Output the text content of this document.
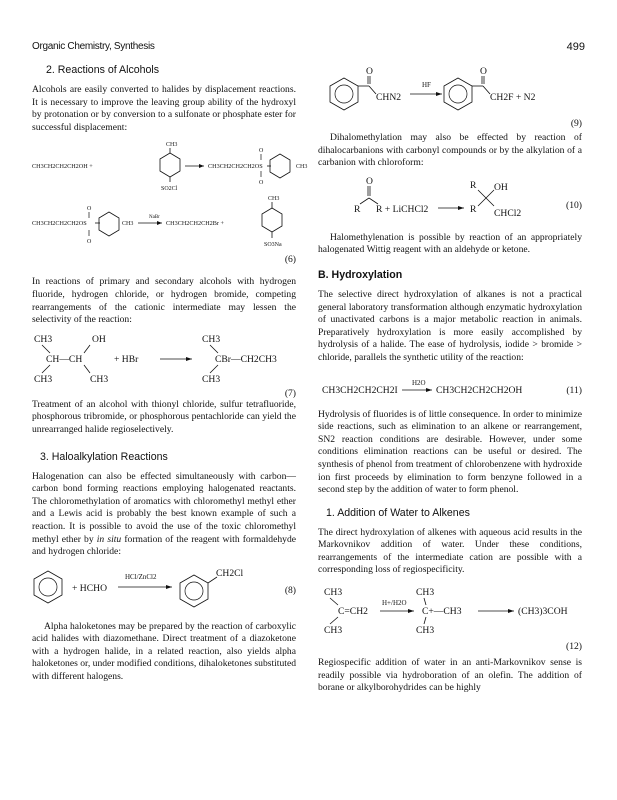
Organic Chemistry, Synthesis	499
2. Reactions of Alcohols

Alcohols are easily converted to halides by displacement reactions. It is necessary to improve the leaving group ability of the hydroxyl by protonation or by conversion to a sulfonate or phosphate ester for successful displacement:

CH3
SO2Cl
CH3CH2CH2CH2OH +	CH3CH2CH2CH2OS
O
O
CH3
O
CH3CH2CH2CH2OS
O
CH3
NaBr
CH3CH2CH2CH2Br +
CH3
SO3Na
(6)

In reactions of primary and secondary alcohols with hydrogen fluoride, hydrogen chloride, or hydrogen bromide, competing rearrangements of the cationic intermediate may lessen the selectivity of the reaction:

CH3	OH	CH3
CH—CH	+ HBr	CBr—CH2CH3
CH3	CH3	CH3
(7)

Treatment of an alcohol with thionyl chloride, sulfur tetrafluoride, phosphorous tribromide, or phosphorous pentachloride can yield the unrearranged halide regioselectively.

3. Haloalkylation Reactions

Halogenation can also be effected simultaneously with carbon—carbon bond forming reactions employing halogenated reactants. The chloromethylation of aromatics with chloromethyl methyl ether and a Lewis acid is probably the best known example of such a reaction. It is possible to avoid the use of the toxic chloromethyl methyl ether by in situ formation of the reagent with formaldehyde and hydrogen chloride:

+ HCHO
HCl/ZnCl2	CH2Cl
(8)

Alpha haloketones may be prepared by the reaction of carboxylic acid halides with diazomethane. Direct treatment of a diazoketone with a hydrogen halide, in a related reaction, also yields alpha haloketones or, under modified conditions, dihaloketones substituted with different halogens.

O
CHN2
HF
O
CH2F + N2
(9)

Dihalomethylation may also be effected by reaction of dihalocarbanions with carbonyl compounds or by the alkylation of a carbanion with chloroform:

O
R R + LiCHCl2
R OH
R CHCl2
(10)

Halomethylenation is possible by reaction of an appropriately halogenated Wittig reagent with an aldehyde or ketone.

B. Hydroxylation

The selective direct hydroxylation of alkanes is not a practical general laboratory transformation although enzymatic hydroxylation of unactivated carbons is a major metabolic reaction in animals. Preparatively hydroxylation is more easily accomplished by hydrolysis of a halide. The ease of hydrolysis, iodide > bromide > chloride, parallels the synthetic utility of the reaction:

CH3CH2CH2CH2I
H2O
CH3CH2CH2CH2OH	(11)

Hydrolysis of fluorides is of little consequence. In order to minimize side reactions, such as elimination to an alkene or rearrangement, SN2 reaction conditions are desirable. However, under some conditions elimination reactions can be useful or desired. The synthesis of phenol from treatment of chlorobenzene with hydroxide ion first proceeds by elimination to form benzyne followed in a second step by the addition of water to form phenol.

1. Addition of Water to Alkenes

The direct hydroxylation of alkenes with aqueous acid results in the Markovnikov addition of water. Under these conditions, rearrangements of the intermediate cation are possible with a corresponding loss of regiospecificity.

CH3
C=CH2
CH3
H+/H2O
CH3
C+—CH3
CH3
(CH3)3COH
(12)

Regiospecific addition of water in an anti-Markovnikov sense is readily possible via hydroboration of an olefin. The addition of borane or alkylborohydrides can be highly
